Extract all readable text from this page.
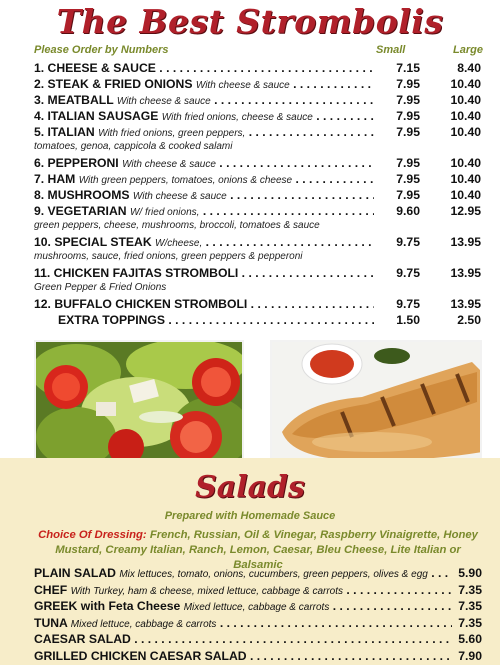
The Best Strombolis
Please Order by Numbers	Small	Large
1. CHEESE & SAUCE . . .	7.15	8.40
2. STEAK & FRIED ONIONS With cheese & sauce . . .	7.95	10.40
3. MEATBALL With cheese & sauce . . .	7.95	10.40
4. ITALIAN SAUSAGE With fried onions, cheese & sauce . . .	7.95	10.40
5. ITALIAN With fried onions, green peppers, . . .	7.95	10.40
tomatoes, genoa, cappicola & cooked salami
6. PEPPERONI With cheese & sauce . . .	7.95	10.40
7. HAM With green peppers, tomatoes, onions & cheese . . .	7.95	10.40
8. MUSHROOMS With cheese & sauce . . .	7.95	10.40
9. VEGETARIAN W/ fried onions, . . .	9.60	12.95
green peppers, cheese, mushrooms, broccoli, tomatoes & sauce
10. SPECIAL STEAK W/cheese, . . .	9.75	13.95
mushrooms, sauce, fried onions, green peppers & pepperoni
11. CHICKEN FAJITAS STROMBOLI . . .	9.75	13.95
Green Pepper & Fried Onions
12. BUFFALO CHICKEN STROMBOLI . . .	9.75	13.95
EXTRA TOPPINGS . . .	1.50	2.50
Salads
Prepared with Homemade Sauce
Choice Of Dressing: French, Russian, Oil & Vinegar, Raspberry Vinaigrette, Honey Mustard, Creamy Italian, Ranch, Lemon, Caesar, Bleu Cheese, Lite Italian or Balsamic
PLAIN SALAD Mix lettuces, tomato, onions, cucumbers, green peppers, olives & egg . . .	5.90
CHEF With Turkey, ham & cheese, mixed lettuce, cabbage & carrots . . .	7.35
GREEK with Feta Cheese Mixed lettuce, cabbage & carrots . . .	7.35
TUNA Mixed lettuce, cabbage & carrots . . .	7.35
CAESAR SALAD . . .	5.60
GRILLED CHICKEN CAESAR SALAD . . .	7.90
